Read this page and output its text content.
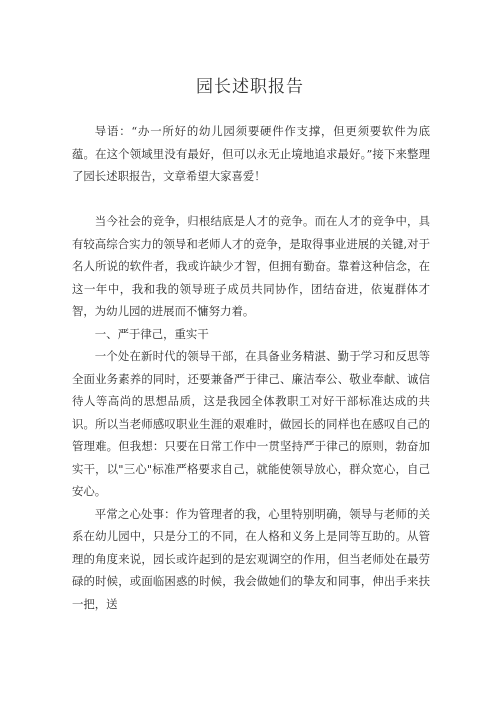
园长述职报告

导语：“办一所好的幼儿园须要硬件作支撑，但更须要软件为底蕴。在这个领域里没有最好，但可以永无止境地追求最好。”接下来整理了园长述职报告，文章希望大家喜爱！

当今社会的竞争，归根结底是人才的竞争。而在人才的竞争中，具有较高综合实力的领导和老师人才的竞争，是取得事业进展的关键,对于名人所说的软件者，我或许缺少才智，但拥有勤奋。靠着这种信念，在这一年中，我和我的领导班子成员共同协作，团结奋进，依嵬群体才智，为幼儿园的进展而不慵努力着。

一、严于律己，重实干

一个处在新时代的领导干部，在具备业务精湛、勤于学习和反思等全面业务素养的同时，还要兼备严于律己、廉洁奉公、敬业奉献、诚信待人等高尚的思想品质，这是我园全体教职工对好干部标准达成的共识。所以当老师感叹职业生涯的艰难时，做园长的同样也在感叹自己的管理难。但我想：只要在日常工作中一贯坚持严于律己的原则，勃奋加实干，以"三心"标准严格要求自己，就能使领导放心，群众宽心，自己安心。

平常之心处事：作为管理者的我，心里特别明确，领导与老师的关系在幼儿园中，只是分工的不同，在人格和义务上是同等互助的。从管理的角度来说，园长或许起到的是宏观调空的作用，但当老师处在最劳碌的时候，或面临困惑的时候，我会做她们的挚友和同事，伸出手来扶一把，送
